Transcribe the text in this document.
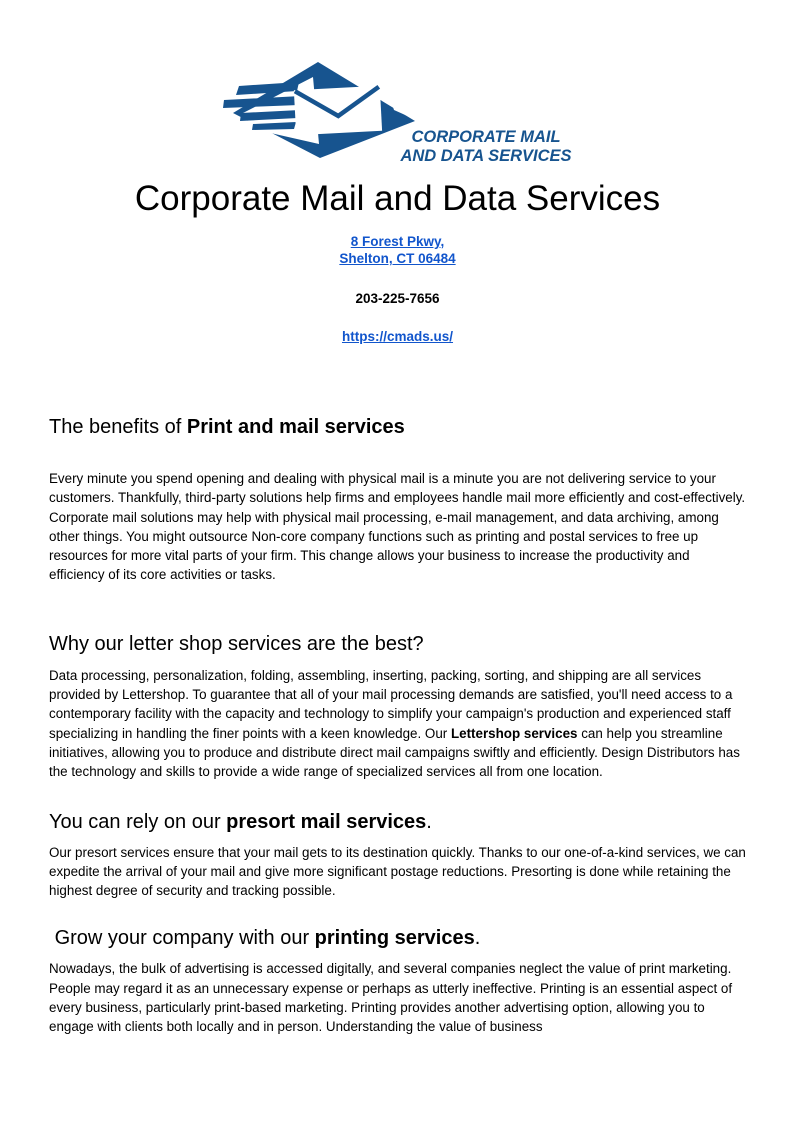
CORPORATE MAIL
AND DATA SERVICES
Corporate Mail and Data Services
8 Forest Pkwy,
Shelton, CT 06484
203-225-7656
https://cmads.us/
The benefits of Print and mail services

Every minute you spend opening and dealing with physical mail is a minute you are not delivering service to your customers. Thankfully, third-party solutions help firms and employees handle mail more efficiently and cost-effectively. Corporate mail solutions may help with physical mail processing, e-mail management, and data archiving, among other things. You might outsource Non-core company functions such as printing and postal services to free up resources for more vital parts of your firm. This change allows your business to increase the productivity and efficiency of its core activities or tasks.

Why our letter shop services are the best?

Data processing, personalization, folding, assembling, inserting, packing, sorting, and shipping are all services provided by Lettershop. To guarantee that all of your mail processing demands are satisfied, you'll need access to a contemporary facility with the capacity and technology to simplify your campaign's production and experienced staff specializing in handling the finer points with a keen knowledge. Our Lettershop services can help you streamline initiatives, allowing you to produce and distribute direct mail campaigns swiftly and efficiently. Design Distributors has the technology and skills to provide a wide range of specialized services all from one location.

You can rely on our presort mail services.

Our presort services ensure that your mail gets to its destination quickly. Thanks to our one-of-a-kind services, we can expedite the arrival of your mail and give more significant postage reductions. Presorting is done while retaining the highest degree of security and tracking possible.

Grow your company with our printing services.

Nowadays, the bulk of advertising is accessed digitally, and several companies neglect the value of print marketing. People may regard it as an unnecessary expense or perhaps as utterly ineffective. Printing is an essential aspect of every business, particularly print-based marketing. Printing provides another advertising option, allowing you to engage with clients both locally and in person. Understanding the value of business
